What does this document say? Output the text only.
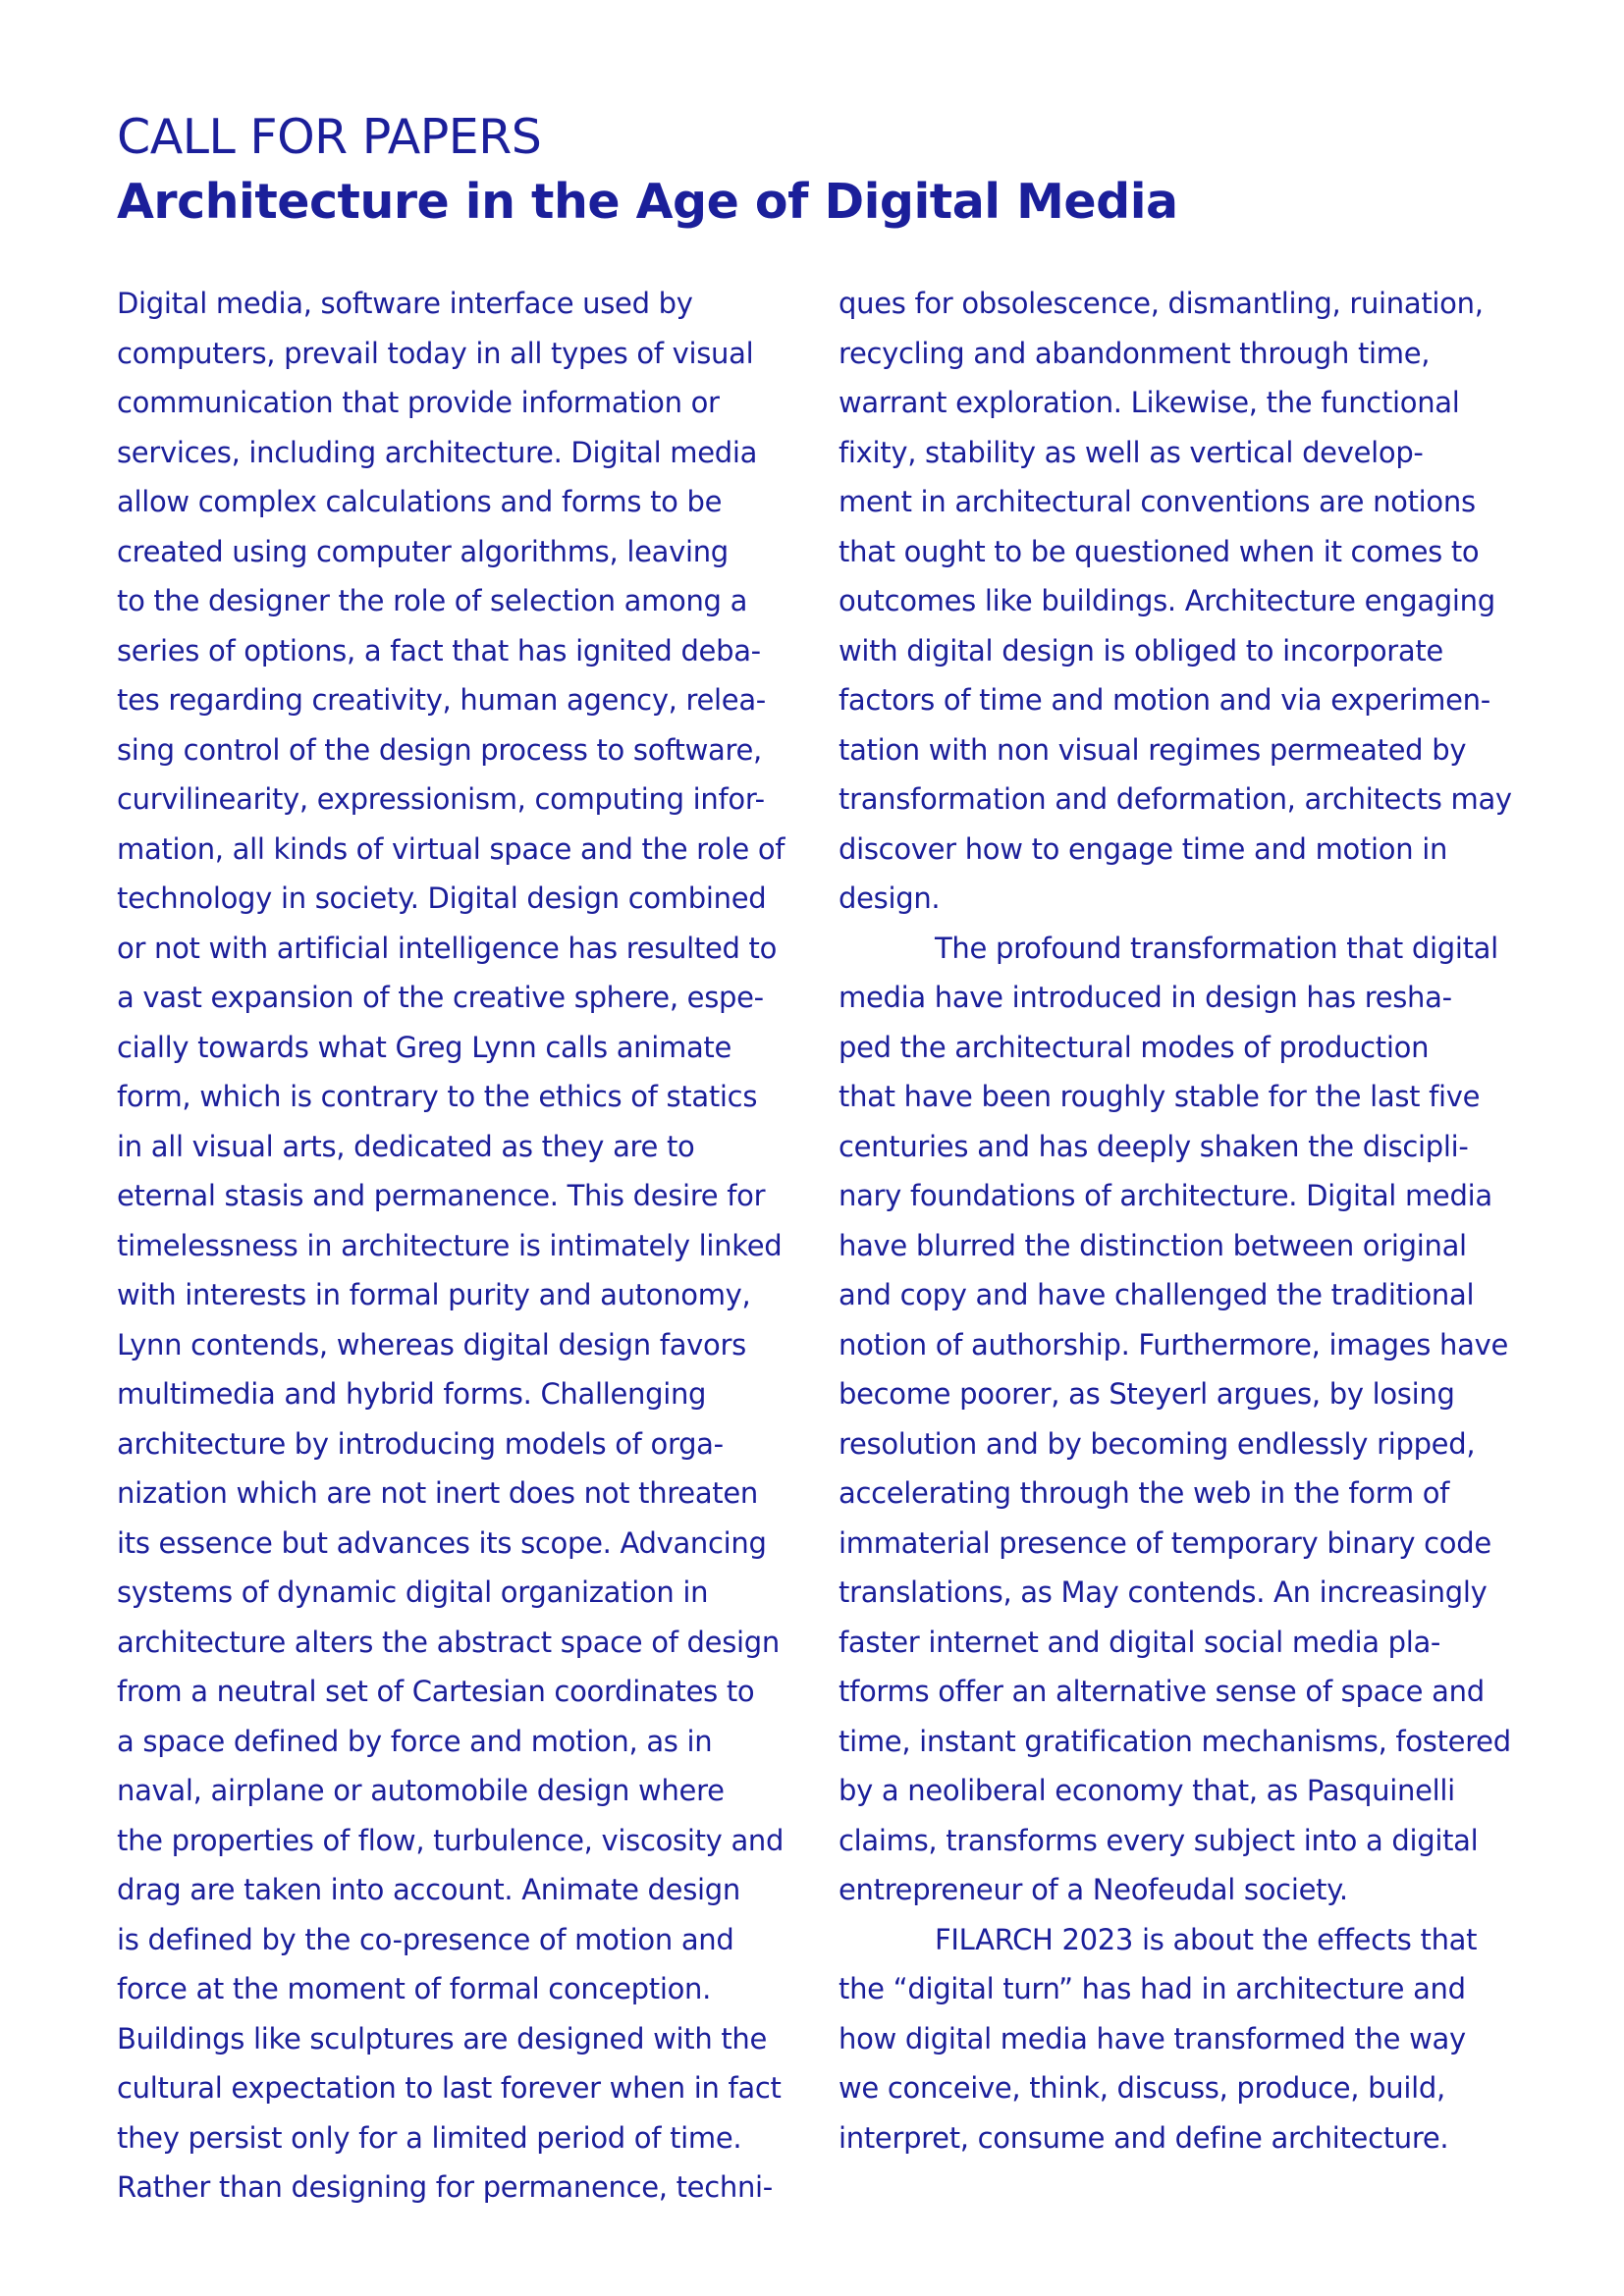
CALL FOR PAPERS
Architecture in the Age of Digital Media
Digital media, software interface used by
computers, prevail today in all types of visual
communication that provide information or
services, including architecture. Digital media
allow complex calculations and forms to be
created using computer algorithms, leaving
to the designer the role of selection among a
series of options, a fact that has ignited deba-
tes regarding creativity, human agency, relea-
sing control of the design process to software,
curvilinearity, expressionism, computing infor-
mation, all kinds of virtual space and the role of
technology in society. Digital design combined
or not with artificial intelligence has resulted to
a vast expansion of the creative sphere, espe-
cially towards what Greg Lynn calls animate
form, which is contrary to the ethics of statics
in all visual arts, dedicated as they are to
eternal stasis and permanence. This desire for
timelessness in architecture is intimately linked
with interests in formal purity and autonomy,
Lynn contends, whereas digital design favors
multimedia and hybrid forms. Challenging
architecture by introducing models of orga-
nization which are not inert does not threaten
its essence but advances its scope. Advancing
systems of dynamic digital organization in
architecture alters the abstract space of design
from a neutral set of Cartesian coordinates to
a space defined by force and motion, as in
naval, airplane or automobile design where
the properties of flow, turbulence, viscosity and
drag are taken into account. Animate design
is defined by the co-presence of motion and
force at the moment of formal conception.
Buildings like sculptures are designed with the
cultural expectation to last forever when in fact
they persist only for a limited period of time.
Rather than designing for permanence, techni-
ques for obsolescence, dismantling, ruination,
recycling and abandonment through time,
warrant exploration. Likewise, the functional
fixity, stability as well as vertical develop-
ment in architectural conventions are notions
that ought to be questioned when it comes to
outcomes like buildings. Architecture engaging
with digital design is obliged to incorporate
factors of time and motion and via experimen-
tation with non visual regimes permeated by
transformation and deformation, architects may
discover how to engage time and motion in
design.
The profound transformation that digital
media have introduced in design has resha-
ped the architectural modes of production
that have been roughly stable for the last five
centuries and has deeply shaken the discipli-
nary foundations of architecture. Digital media
have blurred the distinction between original
and copy and have challenged the traditional
notion of authorship. Furthermore, images have
become poorer, as Steyerl argues, by losing
resolution and by becoming endlessly ripped,
accelerating through the web in the form of
immaterial presence of temporary binary code
translations, as May contends. An increasingly
faster internet and digital social media pla-
tforms offer an alternative sense of space and
time, instant gratification mechanisms, fostered
by a neoliberal economy that, as Pasquinelli
claims, transforms every subject into a digital
entrepreneur of a Neofeudal society.
FILARCH 2023 is about the effects that
the “digital turn” has had in architecture and
how digital media have transformed the way
we conceive, think, discuss, produce, build,
interpret, consume and define architecture.
